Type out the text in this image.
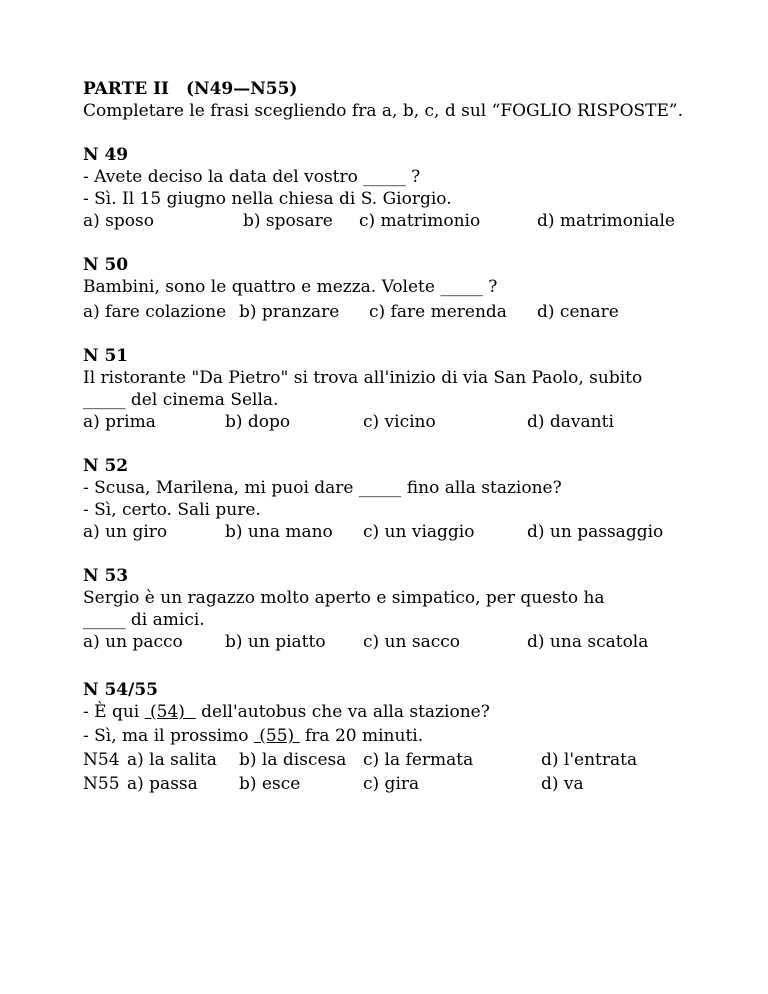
PARTE II　(N49—N55)

Completare le frasi scegliendo fra a, b, c, d sul “FOGLIO RISPOSTE”.

N 49

- Avete deciso la data del vostro _____ ?

- Sì. Il 15 giugno nella chiesa di S. Giorgio.

a) sposo	b) sposare c) matrimonio	d) matrimoniale

N 50

Bambini, sono le quattro e mezza. Volete _____ ?

a) fare colazione b) pranzare c) fare merenda d) cenare

N 51

Il ristorante "Da Pietro" si trova all'inizio di via San Paolo, subito

_____ del cinema Sella.

a) prima	b) dopo	c) vicino	d) davanti

N 52

- Scusa, Marilena, mi puoi dare _____ fino alla stazione?

- Sì, certo. Sali pure.

a) un giro	b) una mano c) un viaggio	d) un passaggio

N 53

Sergio è un ragazzo molto aperto e simpatico, per questo ha

_____ di amici.

a) un pacco b) un piatto c) un sacco	d) una scatola

N 54/55

- È qui  (54)   dell'autobus che va alla stazione?

- Sì, ma il prossimo  (55)  fra 20 minuti.

N54 a) la salita b) la discesa c) la fermata	d) l'entrata
N55 a) passa b) esce	c) gira	d) va
